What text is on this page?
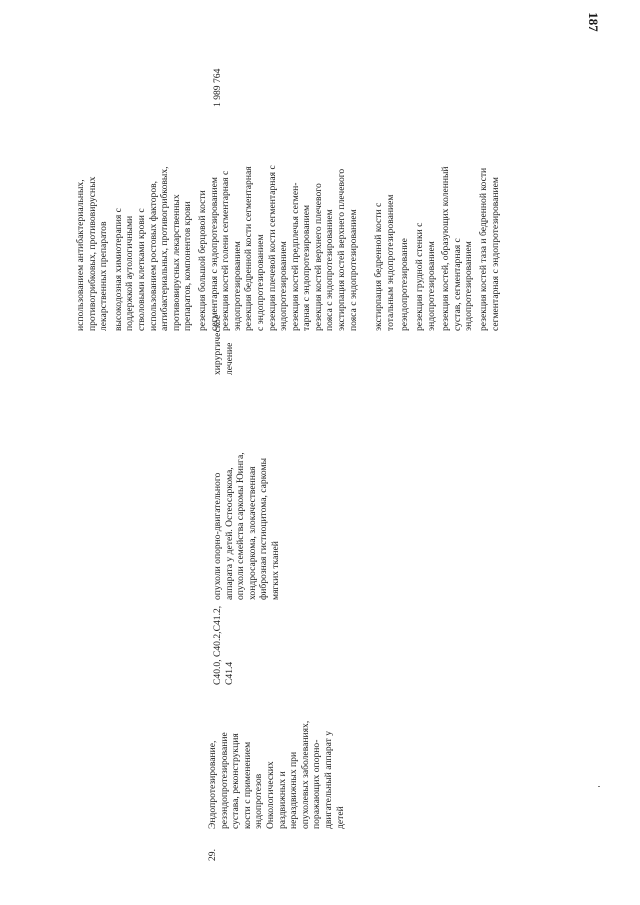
187
29.

Эндопротезирование, резэндопротезирование сустава, реконструкция кости с применением эндопротезов Онкологических раздвижных и нераздвижных при опухолевых заболеваниях, поражающих опорно- двигательный аппарат у детей

C40.0, C40.2,C41.2, C41.4

опухоли опорно-двигательного аппарата у детей. Остеосаркома, опухоли семейства саркомы Юинга, хондросаркома, злокачественная фиброзная гистиоцитома, саркомы мягких тканей

хирургическое лечение

использованием антибактериальных, противогрибковых, противовирусных лекарственных препаратов высокодозная химиотерапия с поддержкой аутологичными стволовыми клетками крови с использованием ростовых факторов, антибактериальных, противогрибковых, противовирусных лекарственных препаратов, компонентов крови резекция большой берцовой кости сегментарная с эндопротезированием резекция костей голени сегментарная с эндопротезированием резекция бедренной кости сегментарная с эндопротезированием резекция плечевой кости сегментарная с эндопротезированием резекция костей предплечья сегмен- тарная с эндопротезированием резекция костей верхнего плечевого пояса с эндопротезированием экстирпация костей верхнего плечевого пояса с эндопротезированием экстирпация бедренной кости с тотальным эндопротезированием реэндопротезирование резекция грудной стенки с эндопротезированием резекция костей, образующих коленный сустав, сегментарная с эндопротезированием резекция костей таза и бедренной кости сегментарная с эндопротезированием

1 989 764
